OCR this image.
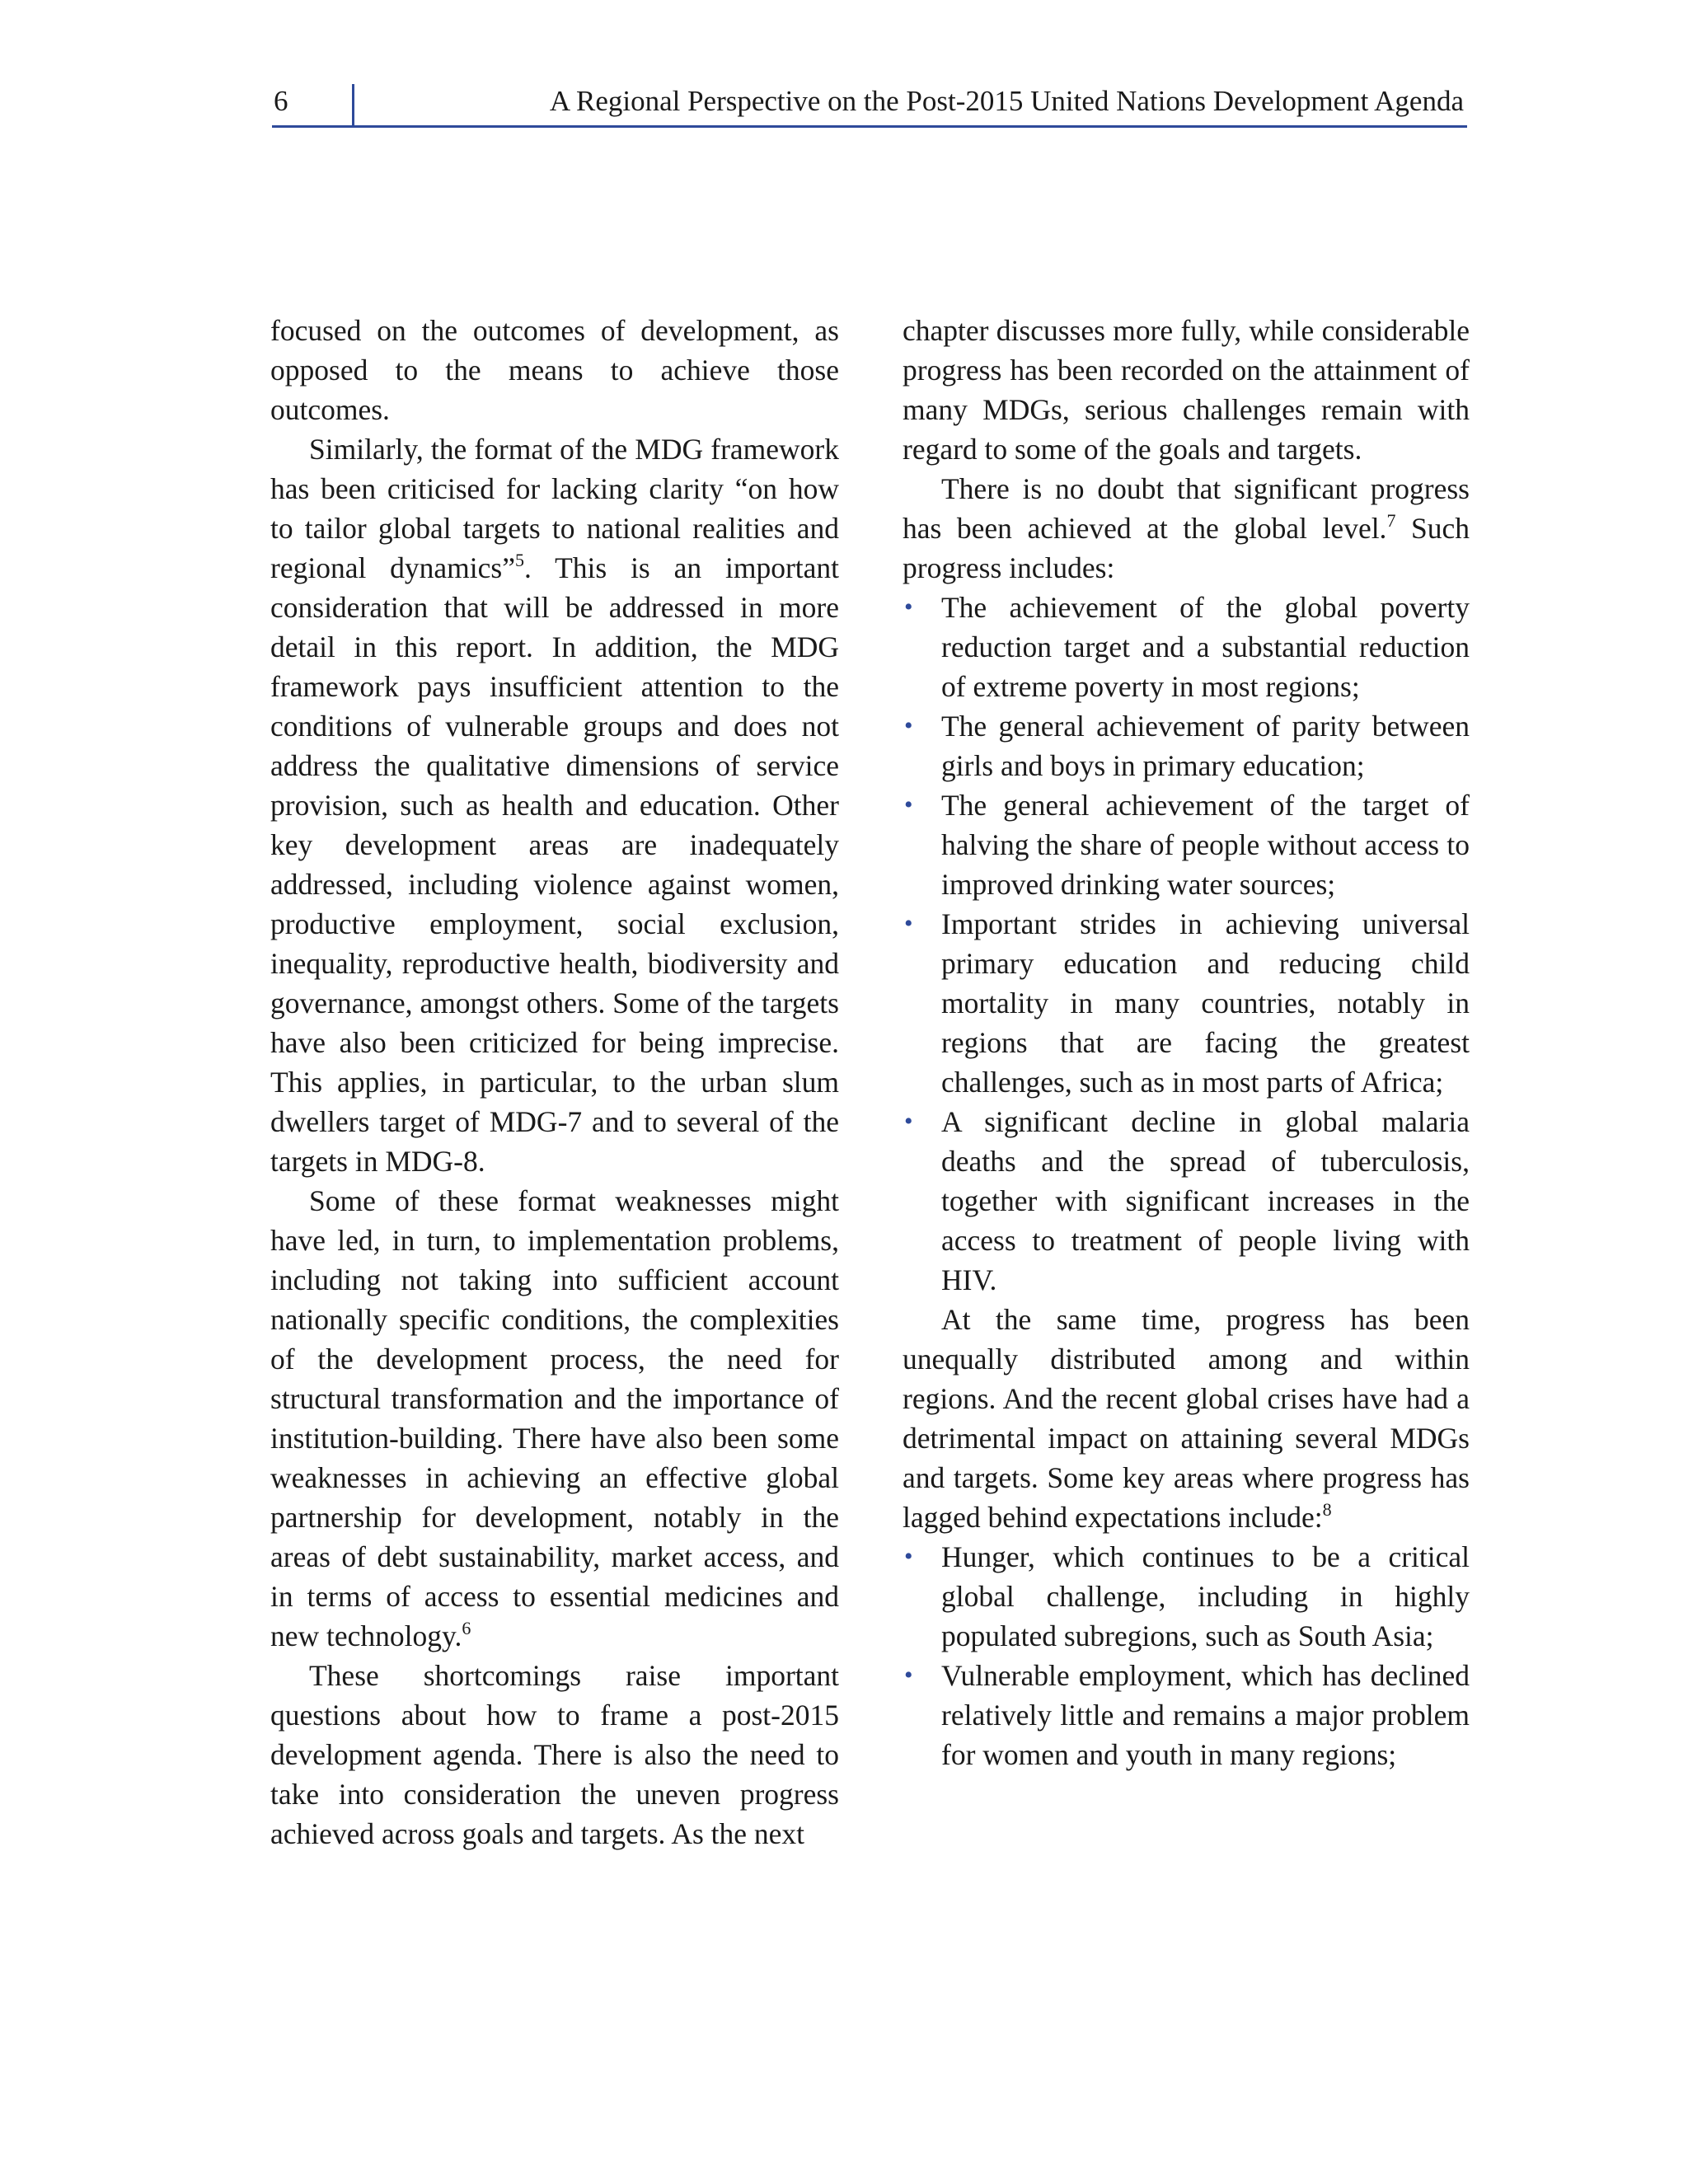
6	A Regional Perspective on the Post-2015 United Nations Development Agenda

focused on the outcomes of development, as opposed to the means to achieve those outcomes.

Similarly, the format of the MDG framework has been criticised for lacking clarity “on how to tailor global targets to national realities and regional dynamics”$^5$. This is an important consideration that will be addressed in more detail in this report. In addition, the MDG framework pays insufficient attention to the conditions of vulnerable groups and does not address the qualitative dimensions of service provision, such as health and education. Other key development areas are inadequately addressed, including violence against women, productive employment, social exclusion, inequality, reproductive health, biodiversity and governance, amongst others. Some of the targets have also been criticized for being imprecise. This applies, in particular, to the urban slum dwellers target of MDG-7 and to several of the targets in MDG-8.

Some of these format weaknesses might have led, in turn, to implementation problems, including not taking into sufficient account nationally specific conditions, the complexities of the development process, the need for structural transformation and the importance of institution-building. There have also been some weaknesses in achieving an effective global partnership for development, notably in the areas of debt sustainability, market access, and in terms of access to essential medicines and new technology.$^6$

These shortcomings raise important questions about how to frame a post-2015 development agenda. There is also the need to take into consideration the uneven progress achieved across goals and targets. As the next

chapter discusses more fully, while considerable progress has been recorded on the attainment of many MDGs, serious challenges remain with regard to some of the goals and targets.

There is no doubt that significant progress has been achieved at the global level.$^7$ Such progress includes:

• The achievement of the global poverty reduction target and a substantial reduction of extreme poverty in most regions;
• The general achievement of parity between girls and boys in primary education;
• The general achievement of the target of halving the share of people without access to improved drinking water sources;
• Important strides in achieving universal primary education and reducing child mortality in many countries, notably in regions that are facing the greatest challenges, such as in most parts of Africa;
• A significant decline in global malaria deaths and the spread of tuberculosis, together with significant increases in the access to treatment of people living with HIV.

At the same time, progress has been unequally distributed among and within regions. And the recent global crises have had a detrimental impact on attaining several MDGs and targets. Some key areas where progress has lagged behind expectations include:$^8$

• Hunger, which continues to be a critical global challenge, including in highly populated subregions, such as South Asia;
• Vulnerable employment, which has declined relatively little and remains a major problem for women and youth in many regions;
